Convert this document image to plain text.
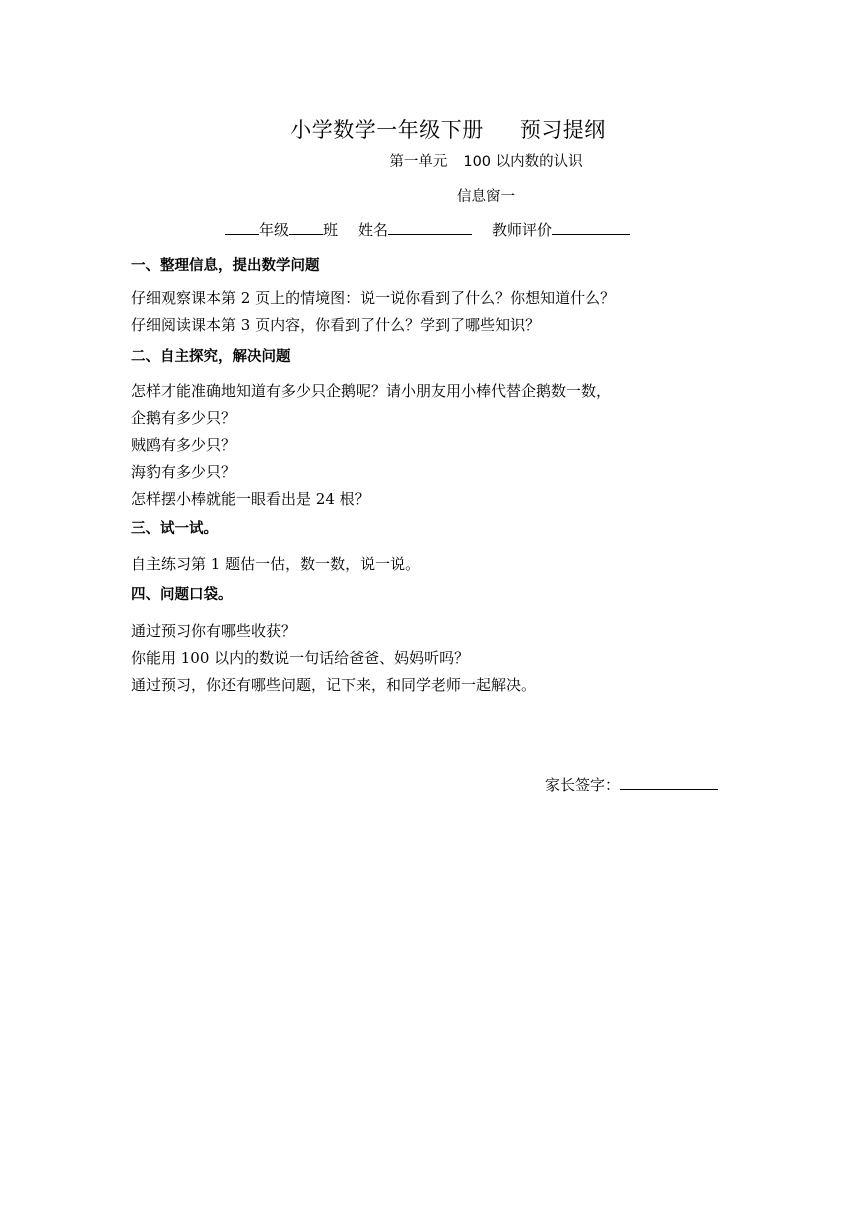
小学数学一年级下册 预习提纲
第一单元 100 以内数的认识
信息窗一
年级 班 姓名	教师评价
一、整理信息，提出数学问题
仔细观察课本第 2 页上的情境图：说一说你看到了什么？你想知道什么？
仔细阅读课本第 3 页内容，你看到了什么？学到了哪些知识？
二、自主探究，解决问题
怎样才能准确地知道有多少只企鹅呢？请小朋友用小棒代替企鹅数一数，
企鹅有多少只？
贼鸥有多少只？
海豹有多少只？
怎样摆小棒就能一眼看出是 24 根？
三、试一试。
自主练习第 1 题估一估，数一数，说一说。
四、问题口袋。
通过预习你有哪些收获？
你能用 100 以内的数说一句话给爸爸、妈妈听吗？
通过预习，你还有哪些问题，记下来，和同学老师一起解决。
家长签字：
